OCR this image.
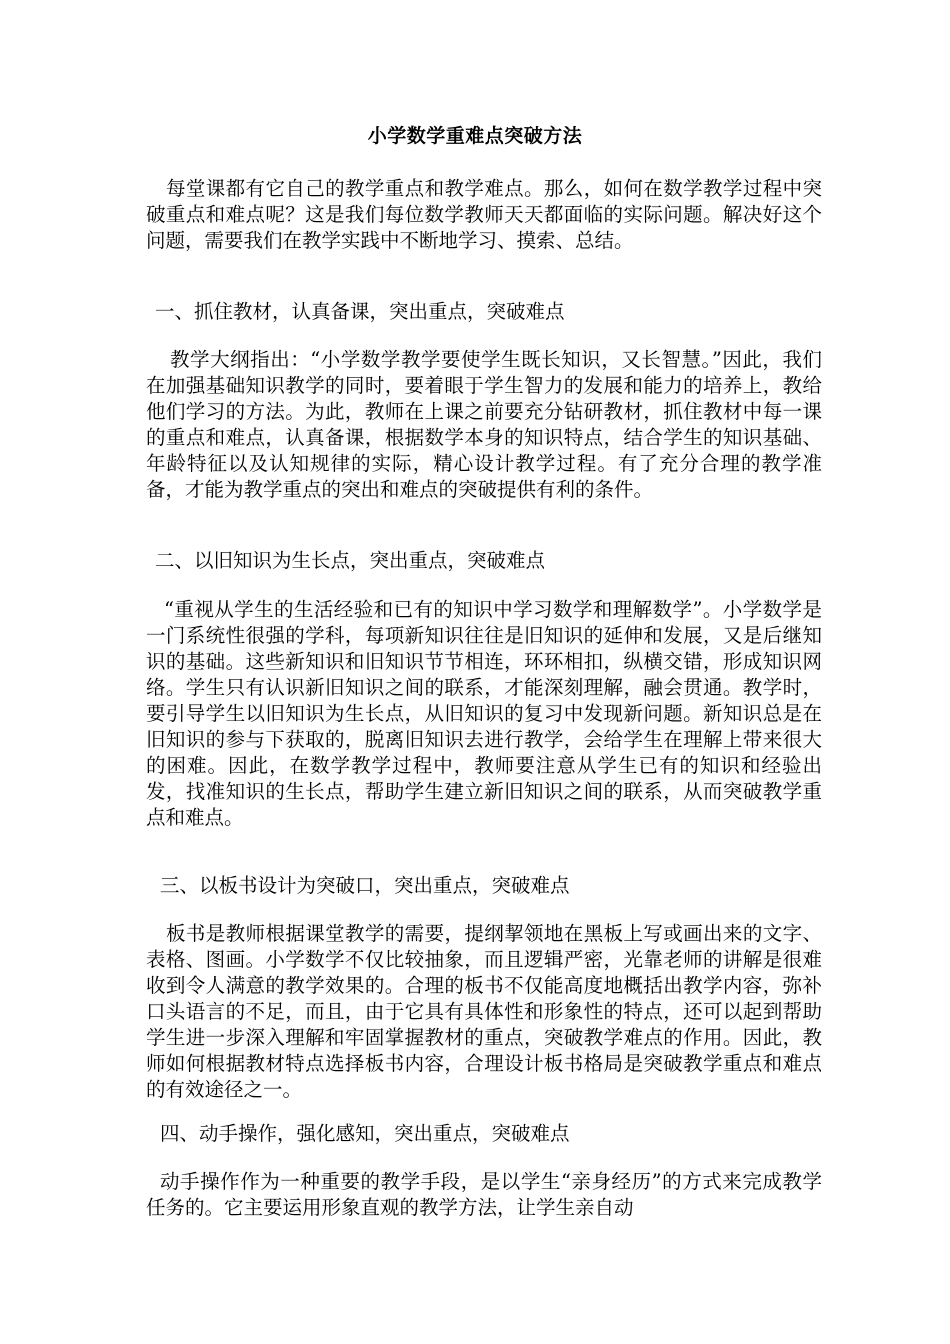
小学数学重难点突破方法
每堂课都有它自己的教学重点和教学难点。那么，如何在数学教学过程中突破重点和难点呢？这是我们每位数学教师天天都面临的实际问题。解决好这个问题，需要我们在教学实践中不断地学习、摸索、总结。
一、抓住教材，认真备课，突出重点，突破难点
教学大纲指出：“小学数学教学要使学生既长知识，又长智慧。”因此，我们在加强基础知识教学的同时，要着眼于学生智力的发展和能力的培养上，教给他们学习的方法。为此，教师在上课之前要充分钻研教材，抓住教材中每一课的重点和难点，认真备课，根据数学本身的知识特点，结合学生的知识基础、年龄特征以及认知规律的实际，精心设计教学过程。有了充分合理的教学准备，才能为教学重点的突出和难点的突破提供有利的条件。
二、以旧知识为生长点，突出重点，突破难点
“重视从学生的生活经验和已有的知识中学习数学和理解数学”。小学数学是一门系统性很强的学科，每项新知识往往是旧知识的延伸和发展，又是后继知识的基础。这些新知识和旧知识节节相连，环环相扣，纵横交错，形成知识网络。学生只有认识新旧知识之间的联系，才能深刻理解，融会贯通。教学时，要引导学生以旧知识为生长点，从旧知识的复习中发现新问题。新知识总是在旧知识的参与下获取的，脱离旧知识去进行教学，会给学生在理解上带来很大的困难。因此，在数学教学过程中，教师要注意从学生已有的知识和经验出发，找准知识的生长点，帮助学生建立新旧知识之间的联系，从而突破教学重点和难点。
三、以板书设计为突破口，突出重点，突破难点
板书是教师根据课堂教学的需要，提纲挈领地在黑板上写或画出来的文字、表格、图画。小学数学不仅比较抽象，而且逻辑严密，光靠老师的讲解是很难收到令人满意的教学效果的。合理的板书不仅能高度地概括出教学内容，弥补口头语言的不足，而且，由于它具有具体性和形象性的特点，还可以起到帮助学生进一步深入理解和牢固掌握教材的重点，突破教学难点的作用。因此，教师如何根据教材特点选择板书内容，合理设计板书格局是突破教学重点和难点的有效途径之一。
四、动手操作，强化感知，突出重点，突破难点
动手操作作为一种重要的教学手段，是以学生“亲身经历”的方式来完成教学任务的。它主要运用形象直观的教学方法，让学生亲自动
